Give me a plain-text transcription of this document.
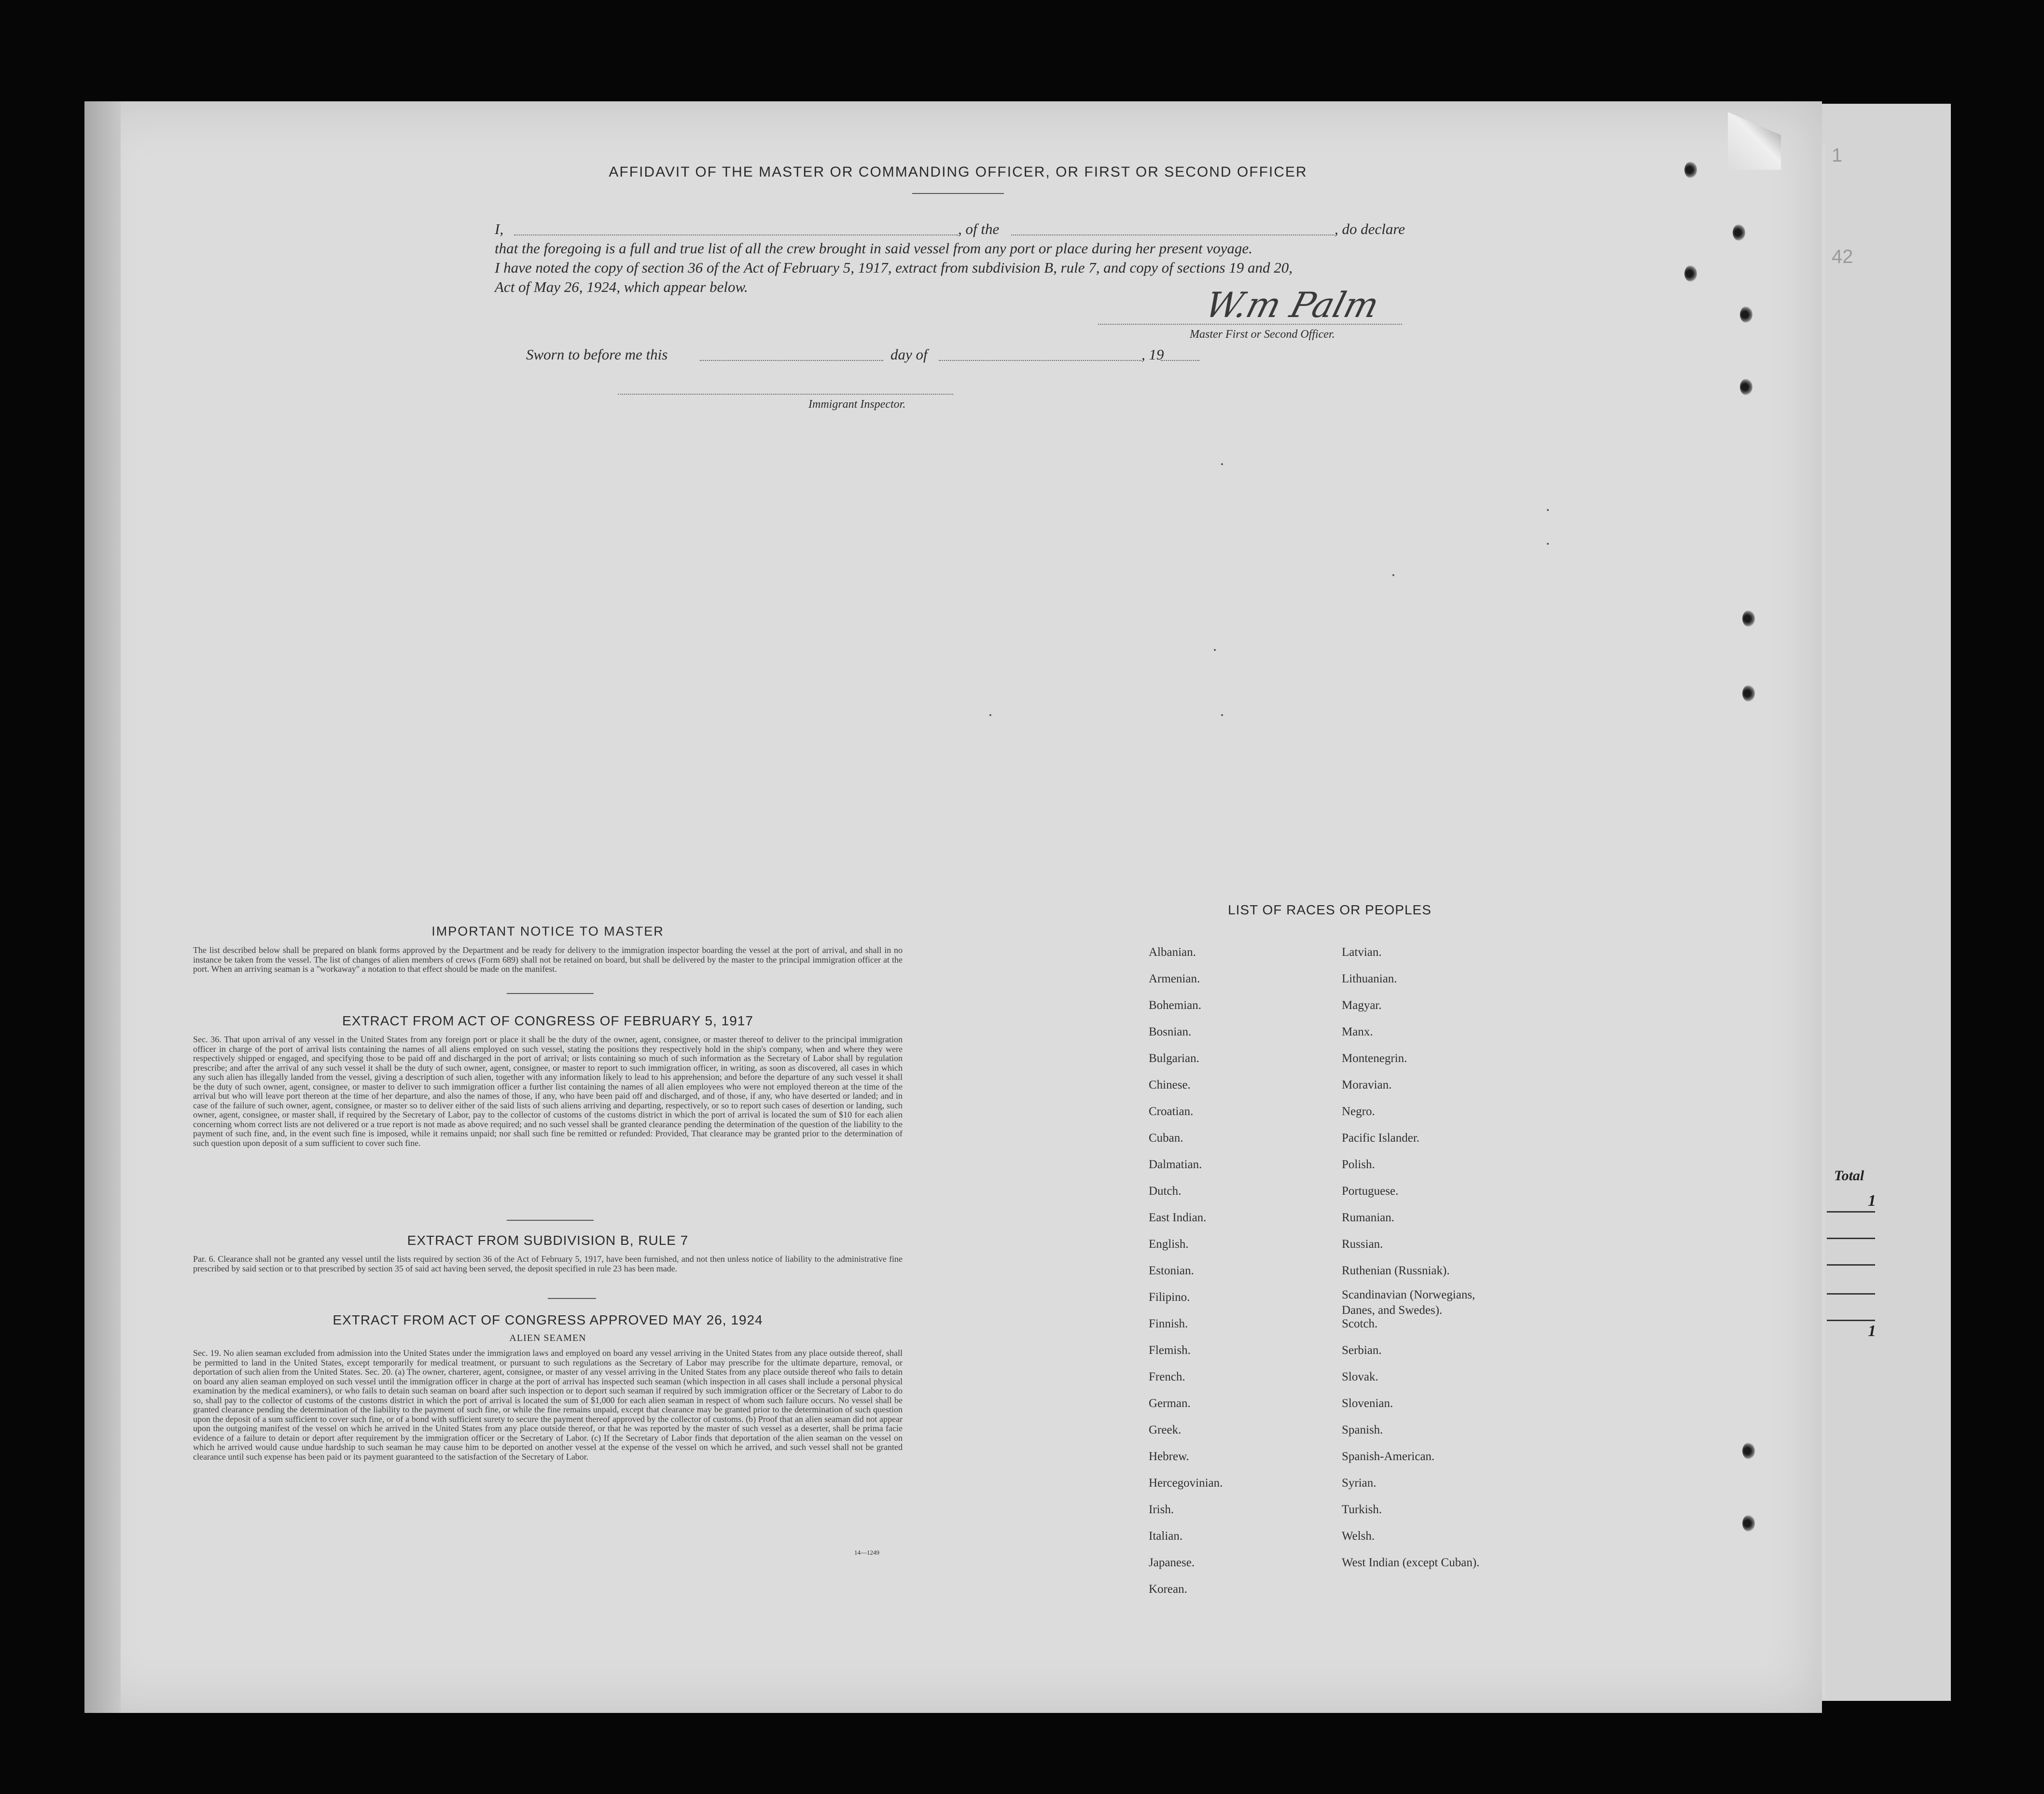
1
42
Total
1
1
AFFIDAVIT OF THE MASTER OR COMMANDING OFFICER, OR FIRST OR SECOND OFFICER
I,	, of the	, do declare
that the foregoing is a full and true list of all the crew brought in said vessel from any port or place during her present voyage.
I have noted the copy of section 36 of the Act of February 5, 1917, extract from subdivision B, rule 7, and copy of sections 19 and 20,
Act of May 26, 1924, which appear below.	W.m Palm
Master First or Second Officer.
Sworn to before me this	day of	, 19
Immigrant Inspector.
IMPORTANT NOTICE TO MASTER
The list described below shall be prepared on blank forms approved by the Department and be ready for delivery to the immigration inspector boarding the vessel at the port of arrival, and shall in no instance be taken from the vessel. The list of changes of alien members of crews (Form 689) shall not be retained on board, but shall be delivered by the master to the principal immigration officer at the port. When an arriving seaman is a "workaway" a notation to that effect should be made on the manifest.
EXTRACT FROM ACT OF CONGRESS OF FEBRUARY 5, 1917
Sec. 36. That upon arrival of any vessel in the United States from any foreign port or place it shall be the duty of the owner, agent, consignee, or master thereof to deliver to the principal immigration officer in charge of the port of arrival lists containing the names of all aliens employed on such vessel, stating the positions they respectively hold in the ship's company, when and where they were respectively shipped or engaged, and specifying those to be paid off and discharged in the port of arrival; or lists containing so much of such information as the Secretary of Labor shall by regulation prescribe; and after the arrival of any such vessel it shall be the duty of such owner, agent, consignee, or master to report to such immigration officer, in writing, as soon as discovered, all cases in which any such alien has illegally landed from the vessel, giving a description of such alien, together with any information likely to lead to his apprehension; and before the departure of any such vessel it shall be the duty of such owner, agent, consignee, or master to deliver to such immigration officer a further list containing the names of all alien employees who were not employed thereon at the time of the arrival but who will leave port thereon at the time of her departure, and also the names of those, if any, who have been paid off and discharged, and of those, if any, who have deserted or landed; and in case of the failure of such owner, agent, consignee, or master so to deliver either of the said lists of such aliens arriving and departing, respectively, or so to report such cases of desertion or landing, such owner, agent, consignee, or master shall, if required by the Secretary of Labor, pay to the collector of customs of the customs district in which the port of arrival is located the sum of $10 for each alien concerning whom correct lists are not delivered or a true report is not made as above required; and no such vessel shall be granted clearance pending the determination of the question of the liability to the payment of such fine, and, in the event such fine is imposed, while it remains unpaid; nor shall such fine be remitted or refunded: Provided, That clearance may be granted prior to the determination of such question upon deposit of a sum sufficient to cover such fine.
EXTRACT FROM SUBDIVISION B, RULE 7
Par. 6. Clearance shall not be granted any vessel until the lists required by section 36 of the Act of February 5, 1917, have been furnished, and not then unless notice of liability to the administrative fine prescribed by said section or to that prescribed by section 35 of said act having been served, the deposit specified in rule 23 has been made.
EXTRACT FROM ACT OF CONGRESS APPROVED MAY 26, 1924
ALIEN SEAMEN
Sec. 19. No alien seaman excluded from admission into the United States under the immigration laws and employed on board any vessel arriving in the United States from any place outside thereof, shall be permitted to land in the United States, except temporarily for medical treatment, or pursuant to such regulations as the Secretary of Labor may prescribe for the ultimate departure, removal, or deportation of such alien from the United States. Sec. 20. (a) The owner, charterer, agent, consignee, or master of any vessel arriving in the United States from any place outside thereof who fails to detain on board any alien seaman employed on such vessel until the immigration officer in charge at the port of arrival has inspected such seaman (which inspection in all cases shall include a personal physical examination by the medical examiners), or who fails to detain such seaman on board after such inspection or to deport such seaman if required by such immigration officer or the Secretary of Labor to do so, shall pay to the collector of customs of the customs district in which the port of arrival is located the sum of $1,000 for each alien seaman in respect of whom such failure occurs. No vessel shall be granted clearance pending the determination of the liability to the payment of such fine, or while the fine remains unpaid, except that clearance may be granted prior to the determination of such question upon the deposit of a sum sufficient to cover such fine, or of a bond with sufficient surety to secure the payment thereof approved by the collector of customs. (b) Proof that an alien seaman did not appear upon the outgoing manifest of the vessel on which he arrived in the United States from any place outside thereof, or that he was reported by the master of such vessel as a deserter, shall be prima facie evidence of a failure to detain or deport after requirement by the immigration officer or the Secretary of Labor. (c) If the Secretary of Labor finds that deportation of the alien seaman on the vessel on which he arrived would cause undue hardship to such seaman he may cause him to be deported on another vessel at the expense of the vessel on which he arrived, and such vessel shall not be granted clearance until such expense has been paid or its payment guaranteed to the satisfaction of the Secretary of Labor.
14—1249
LIST OF RACES OR PEOPLES
Albanian.
Armenian.
Bohemian.
Bosnian.
Bulgarian.
Chinese.
Croatian.
Cuban.
Dalmatian.
Dutch.
East Indian.
English.
Estonian.
Filipino.
Finnish.
Flemish.
French.
German.
Greek.
Hebrew.
Hercegovinian.
Irish.
Italian.
Japanese.
Korean.
Latvian.
Lithuanian.
Magyar.
Manx.
Montenegrin.
Moravian.
Negro.
Pacific Islander.
Polish.
Portuguese.
Rumanian.
Russian.
Ruthenian (Russniak).
Scandinavian (Norwegians,
Danes, and Swedes).
Scotch.
Serbian.
Slovak.
Slovenian.
Spanish.
Spanish-American.
Syrian.
Turkish.
Welsh.
West Indian (except Cuban).
